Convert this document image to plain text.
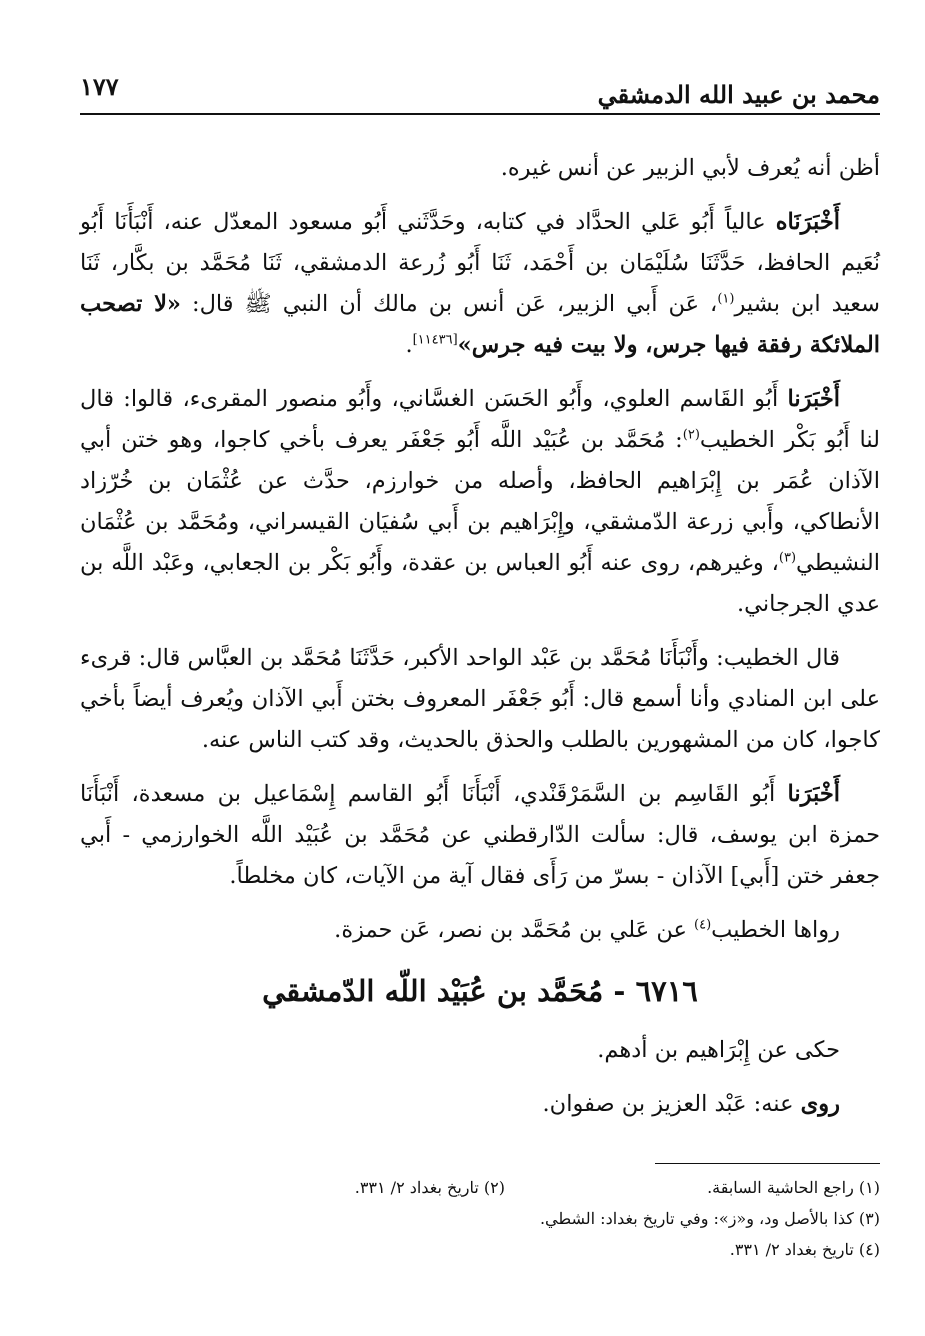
محمد بن عبيد الله الدمشقي
١٧٧

أظن أنه يُعرف لأبي الزبير عن أنس غيره.

أَخْبَرَنَاه عالياً أَبُو عَلي الحدَّاد في كتابه، وحَدَّثَني أَبُو مسعود المعدّل عنه، أَنْبَأَنَا أَبُو نُعَيم الحافظ، حَدَّثَنَا سُلَيْمَان بن أَحْمَد، ثَنَا أَبُو زُرعة الدمشقي، ثَنَا مُحَمَّد بن بكَّار، ثَنَا سعيد ابن بشير$^{(١)}$، عَن أَبي الزبير، عَن أنس بن مالك أن النبي ﷺ قال: «لا تصحب الملائكة رفقة فيها جرس، ولا بيت فيه جرس»[١١٤٣٦].

أَخْبَرَنا أَبُو القَاسم العلوي، وأَبُو الحَسَن الغسَّاني، وأَبُو منصور المقرىء، قالوا: قال لنا أَبُو بَكْر الخطيب$^{(٢)}$: مُحَمَّد بن عُبَيْد اللَّه أَبُو جَعْفَر يعرف بأخي كاجوا، وهو ختن أبي الآذان عُمَر بن إِبْرَاهيم الحافظ، وأصله من خوارزم، حدَّث عن عُثْمَان بن خُرّزاد الأنطاكي، وأَبي زرعة الدّمشقي، وإِبْرَاهيم بن أَبي سُفيَان القيسراني، ومُحَمَّد بن عُثْمَان النشيطي$^{(٣)}$، وغيرهم، روى عنه أَبُو العباس بن عقدة، وأَبُو بَكْر بن الجعابي، وعَبْد اللَّه بن عدي الجرجاني.

قال الخطيب: وأَنْبَأَنَا مُحَمَّد بن عَبْد الواحد الأكبر، حَدَّثَنَا مُحَمَّد بن العبَّاس قال: قرىء على ابن المنادي وأنا أسمع قال: أَبُو جَعْفَر المعروف بختن أَبي الآذان ويُعرف أيضاً بأخي كاجوا، كان من المشهورين بالطلب والحذق بالحديث، وقد كتب الناس عنه.

أَخْبَرَنا أَبُو القَاسِم بن السَّمَرْقَنْدي، أَنْبَأَنَا أَبُو القاسم إِسْمَاعيل بن مسعدة، أَنْبَأَنَا حمزة ابن يوسف، قال: سألت الدّارقطني عن مُحَمَّد بن عُبَيْد اللَّه الخوارزمي - أَبي جعفر ختن [أَبي] الآذان - بسرّ من رَأَى فقال آية من الآيات، كان مخلطاً.

رواها الخطيب$^{(٤)}$ عن عَلي بن مُحَمَّد بن نصر، عَن حمزة.

٦٧١٦ - مُحَمَّد بن عُبَيْد اللّه الدّمشقي

حكى عن إِبْرَاهيم بن أدهم.

روى عنه: عَبْد العزيز بن صفوان.

(١) راجع الحاشية السابقة.
(٢) تاريخ بغداد ٢/ ٣٣١.
(٣) كذا بالأصل ود، و«ز»: وفي تاريخ بغداد: الشطي.
(٤) تاريخ بغداد ٢/ ٣٣١.
